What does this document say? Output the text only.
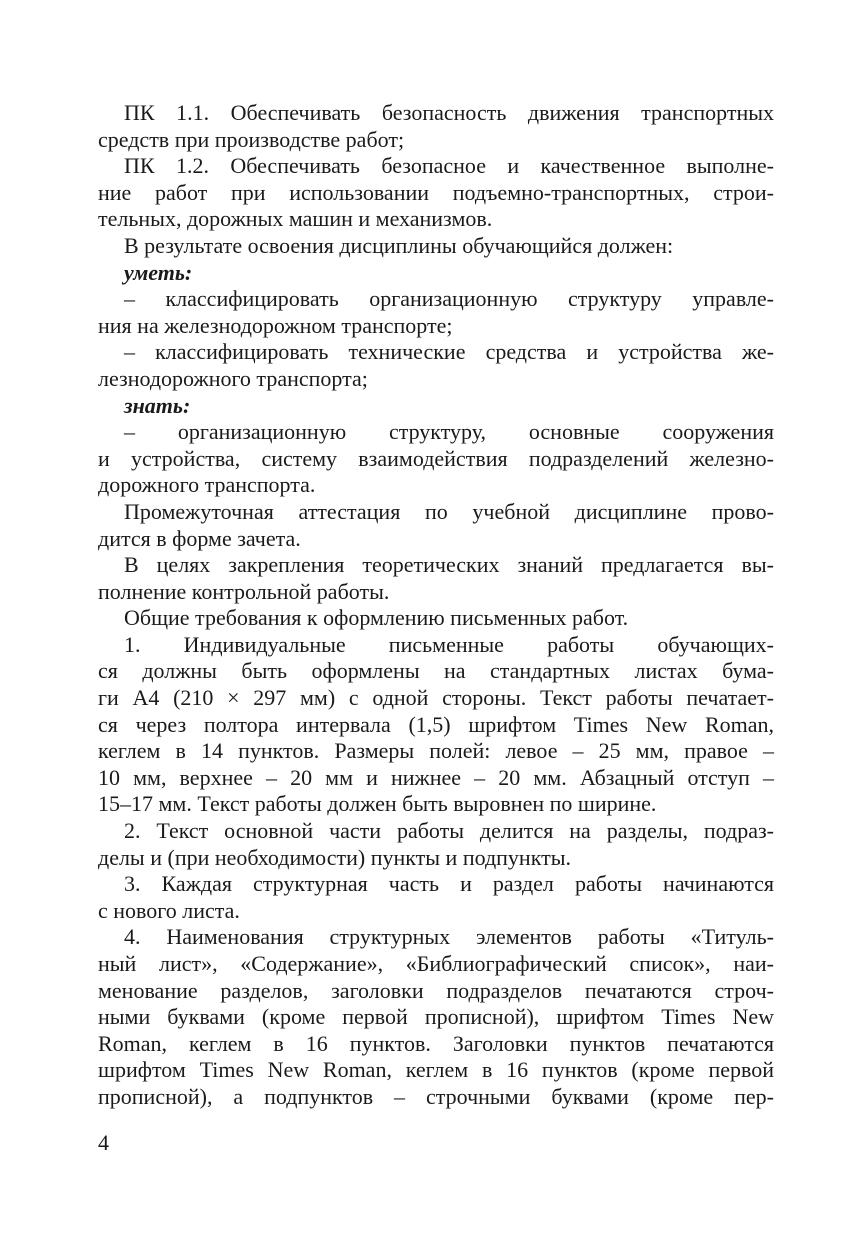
ПК 1.1. Обеспечивать безопасность движения транспортных
средств при производстве работ;
ПК 1.2. Обеспечивать безопасное и качественное выполне-
ние работ при использовании подъемно-транспортных, строи-
тельных, дорожных машин и механизмов.
В результате освоения дисциплины обучающийся должен:
уметь:
– классифицировать организационную структуру управле-
ния на железнодорожном транспорте;
– классифицировать технические средства и устройства же-
лезнодорожного транспорта;
знать:
– организационную структуру, основные сооружения
и устройства, систему взаимодействия подразделений железно-
дорожного транспорта.
Промежуточная аттестация по учебной дисциплине прово-
дится в форме зачета.
В целях закрепления теоретических знаний предлагается вы-
полнение контрольной работы.
Общие требования к оформлению письменных работ.
1. Индивидуальные письменные работы обучающих-
ся должны быть оформлены на стандартных листах бума-
ги А4 (210 × 297 мм) с одной стороны. Текст работы печатает-
ся через полтора интервала (1,5) шрифтом Times New Roman,
кеглем в 14 пунктов. Размеры полей: левое – 25 мм, правое –
10 мм, верхнее – 20 мм и нижнее – 20 мм. Абзацный отступ –
15–17 мм. Текст работы должен быть выровнен по ширине.
2. Текст основной части работы делится на разделы, подраз-
делы и (при необходимости) пункты и подпункты.
3. Каждая структурная часть и раздел работы начинаются
с нового листа.
4. Наименования структурных элементов работы «Титуль-
ный лист», «Содержание», «Библиографический список», наи-
менование разделов, заголовки подразделов печатаются строч-
ными буквами (кроме первой прописной), шрифтом Times New
Roman, кеглем в 16 пунктов. Заголовки пунктов печатаются
шрифтом Times New Roman, кеглем в 16 пунктов (кроме первой
прописной), а подпунктов – строчными буквами (кроме пер-
4
